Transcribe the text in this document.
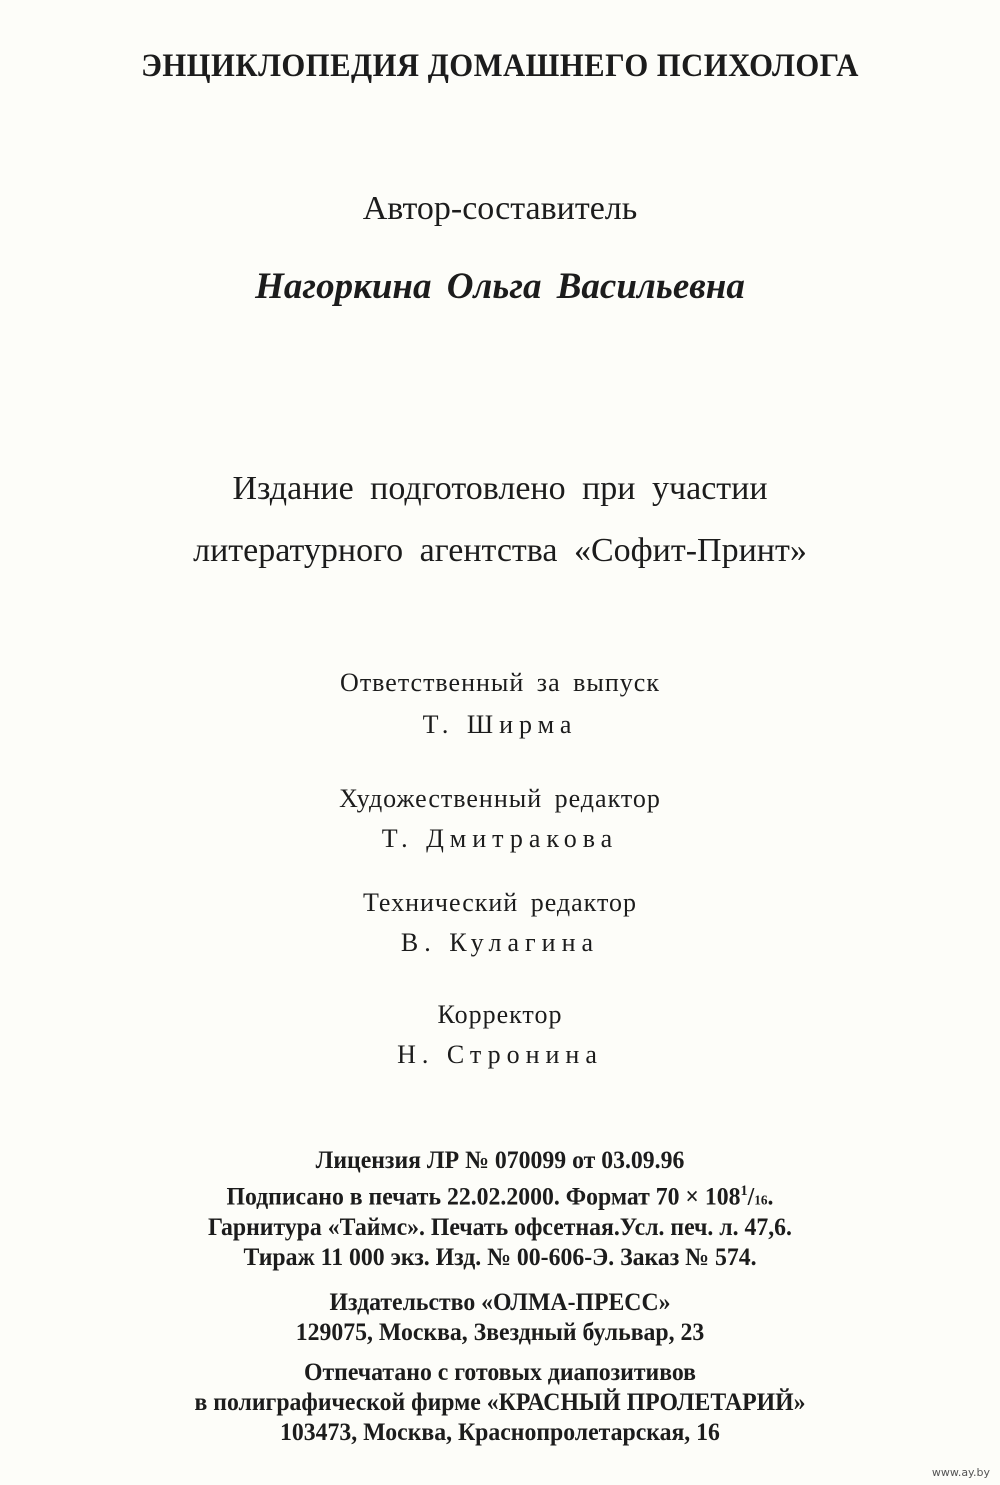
ЭНЦИКЛОПЕДИЯ ДОМАШНЕГО ПСИХОЛОГА
Автор-составитель
Нагоркина Ольга Васильевна
Издание подготовлено при участии
литературного агентства «Софит-Принт»
Ответственный за выпуск
Т. Ширма
Художественный редактор
Т. Дмитракова
Технический редактор
В. Кулагина
Корректор
Н. Стронина
Лицензия ЛР № 070099 от 03.09.96
Подписано в печать 22.02.2000. Формат $70 \times 108^1/16$.
Гарнитура «Таймс». Печать офсетная.Усл. печ. л. 47,6.
Тираж 11 000 экз. Изд. № 00-606-Э. Заказ № 574.
Издательство «ОЛМА-ПРЕСС»
129075, Москва, Звездный бульвар, 23
Отпечатано с готовых диапозитивов
в полиграфической фирме «КРАСНЫЙ ПРОЛЕТАРИЙ»
103473, Москва, Краснопролетарская, 16
www.ay.by
